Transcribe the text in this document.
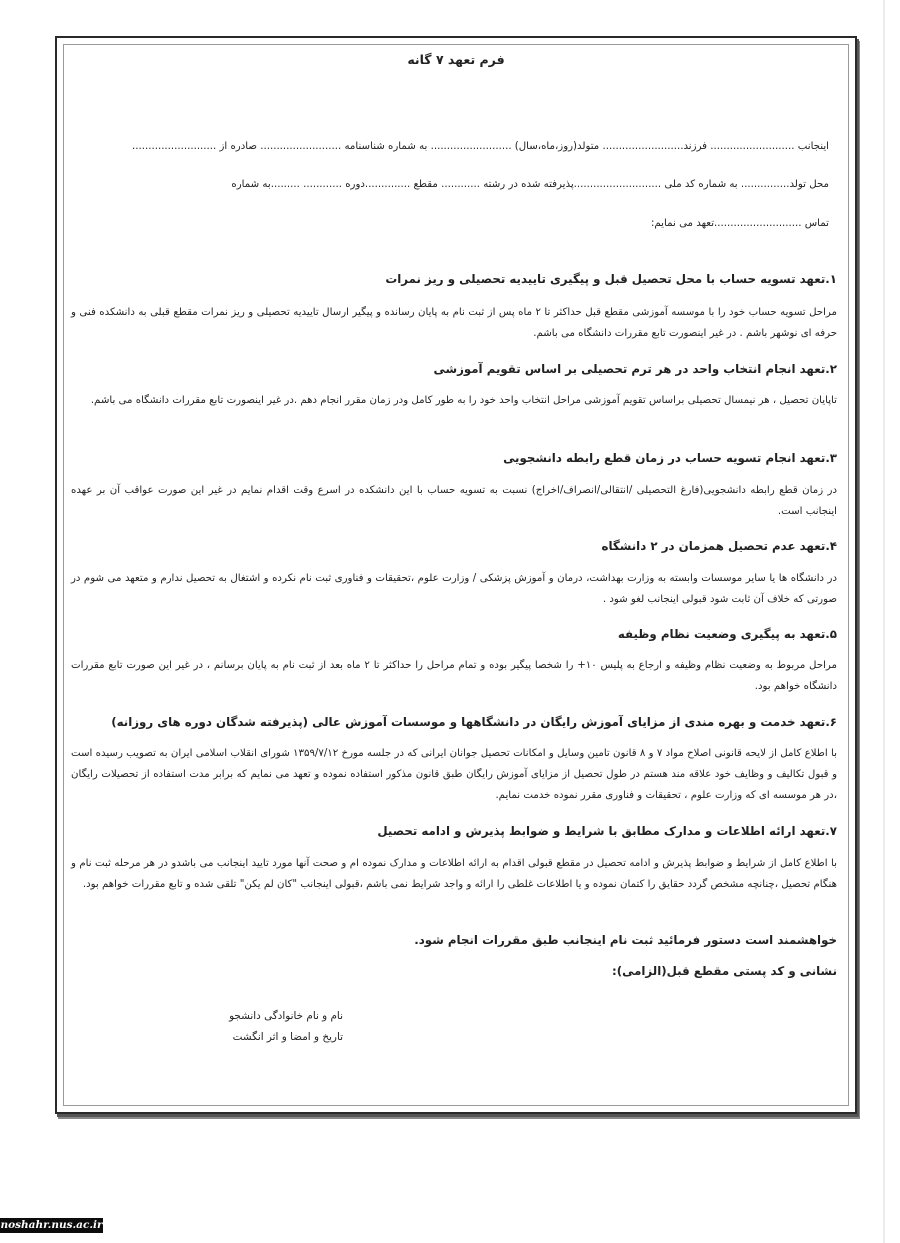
فرم تعهد ۷ گانه
اینجانب .......................... فرزند......................... متولد(روز،ماه،سال) ......................... به شماره شناسنامه ......................... صادره از ..........................
محل تولد............... به شماره کد ملی ...........................پذیرفته شده در رشته ............ مقطع ..............دوره ............ .........به شماره
تماس ...........................تعهد می نمایم:
۱.تعهد تسویه حساب با محل تحصیل قبل و پیگیری تاییدیه تحصیلی و ریز نمرات
مراحل تسویه حساب خود را با موسسه آموزشی مقطع قبل حداکثر تا ۲ ماه پس از ثبت نام به پایان رسانده و پیگیر ارسال تاییدیه تحصیلی و ریز نمرات مقطع قبلی به دانشکده فنی و حرفه ای نوشهر باشم . در غیر اینصورت تابع مقررات دانشگاه می باشم.
۲.تعهد انجام انتخاب واحد در هر ترم تحصیلی بر اساس تقویم آموزشی
تاپایان تحصیل ، هر نیمسال تحصیلی براساس تقویم آموزشی مراحل انتخاب واحد خود را به طور کامل ودر زمان مقرر انجام دهم .در غیر اینصورت تابع مقررات دانشگاه می باشم.
۳.تعهد انجام تسویه حساب در زمان قطع رابطه دانشجویی
در زمان قطع رابطه دانشجویی(فارغ التحصیلی /انتقالی/انصراف/اخراج) نسبت به تسویه حساب با این دانشکده در اسرع وقت اقدام نمایم در غیر این صورت عواقب آن بر عهده اینجانب است.
۴.تعهد عدم تحصیل همزمان در ۲ دانشگاه
در دانشگاه ها یا سایر موسسات وابسته به وزارت بهداشت، درمان و آموزش پزشکی / وزارت علوم ،تحقیقات و فناوری ثبت نام نکرده و اشتغال به تحصیل ندارم و متعهد می شوم در صورتی که خلاف آن ثابت شود قبولی اینجانب لغو شود .
۵.تعهد به پیگیری وضعیت نظام وظیفه
مراحل مربوط به وضعیت نظام وظیفه و ارجاع به پلیس ۱۰+ را شخصا پیگیر بوده و تمام مراحل را حداکثر تا ۲ ماه بعد از ثبت نام به پایان برسانم ، در غیر این صورت تابع مقررات دانشگاه خواهم بود.
۶.تعهد خدمت و بهره مندی از مزایای آموزش رایگان در دانشگاهها و موسسات آموزش عالی (پذیرفته شدگان دوره های روزانه)
با اطلاع کامل از لایحه قانونی اصلاح مواد ۷ و ۸ قانون تامین وسایل و امکانات تحصیل جوانان ایرانی که در جلسه مورخ ۱۳۵۹/۷/۱۲ شورای انقلاب اسلامی ایران به تصویب رسیده است و قبول تکالیف و وظایف خود علاقه مند هستم در طول تحصیل از مزایای آموزش رایگان طبق قانون مذکور استفاده نموده و تعهد می نمایم که برابر مدت استفاده از تحصیلات رایگان ،در هر موسسه ای که وزارت علوم ، تحقیقات و فناوری مقرر نموده خدمت نمایم.
۷.تعهد ارائه اطلاعات و مدارک مطابق با شرایط و ضوابط پذیرش و ادامه تحصیل
با اطلاع کامل از شرایط و ضوابط پذیرش و ادامه تحصیل در مقطع قبولی اقدام به ارائه اطلاعات و مدارک نموده ام و صحت آنها مورد تایید اینجانب می باشدو در هر مرحله ثبت نام و هنگام تحصیل ،چنانچه مشخص گردد حقایق را کتمان نموده و یا اطلاعات غلطی را ارائه و واجد شرایط نمی باشم ،قبولی اینجانب "کان لم یکن" تلقی شده و تابع مقررات خواهم بود.
خواهشمند است دستور فرمائید ثبت نام اینجانب طبق مقررات انجام شود.
نشانی و کد پستی مقطع قبل(الزامی):
نام و نام خانوادگی دانشجو
تاریخ و امضا و اثر انگشت
noshahr.nus.ac.ir
